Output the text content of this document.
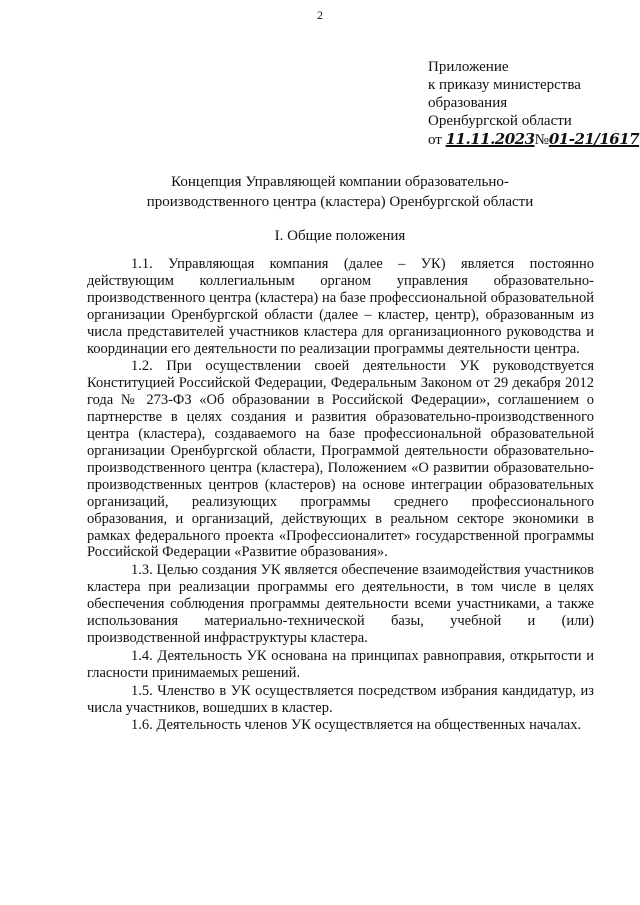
2
Приложение
к приказу министерства
образования
Оренбургской области
от 11.11.2023№01-21/1617
Концепция Управляющей компании образовательно-
производственного центра (кластера) Оренбургской области
I. Общие положения

1.1. Управляющая компания (далее – УК) является постоянно действующим коллегиальным органом управления образовательно-производственного центра (кластера) на базе профессиональной образовательной организации Оренбургской области (далее – кластер, центр), образованным из числа представителей участников кластера для организационного руководства и координации его деятельности по реализации программы деятельности центра.

1.2. При осуществлении своей деятельности УК руководствуется Конституцией Российской Федерации, Федеральным Законом от 29 декабря 2012 года № 273-ФЗ «Об образовании в Российской Федерации», соглашением о партнерстве в целях создания и развития образовательно-производственного центра (кластера), создаваемого на базе профессиональной образовательной организации Оренбургской области, Программой деятельности образовательно-производственного центра (кластера), Положением «О развитии образовательно-производственных центров (кластеров) на основе интеграции образовательных организаций, реализующих программы среднего профессионального образования, и организаций, действующих в реальном секторе экономики в рамках федерального проекта «Профессионалитет» государственной программы Российской Федерации «Развитие образования».

1.3. Целью создания УК является обеспечение взаимодействия участников кластера при реализации программы его деятельности, в том числе в целях обеспечения соблюдения программы деятельности всеми участниками, а также использования материально-технической базы, учебной и (или) производственной инфраструктуры кластера.

1.4. Деятельность УК основана на принципах равноправия, открытости и гласности принимаемых решений.

1.5. Членство в УК осуществляется посредством избрания кандидатур, из числа участников, вошедших в кластер.

1.6. Деятельность членов УК осуществляется на общественных началах.
